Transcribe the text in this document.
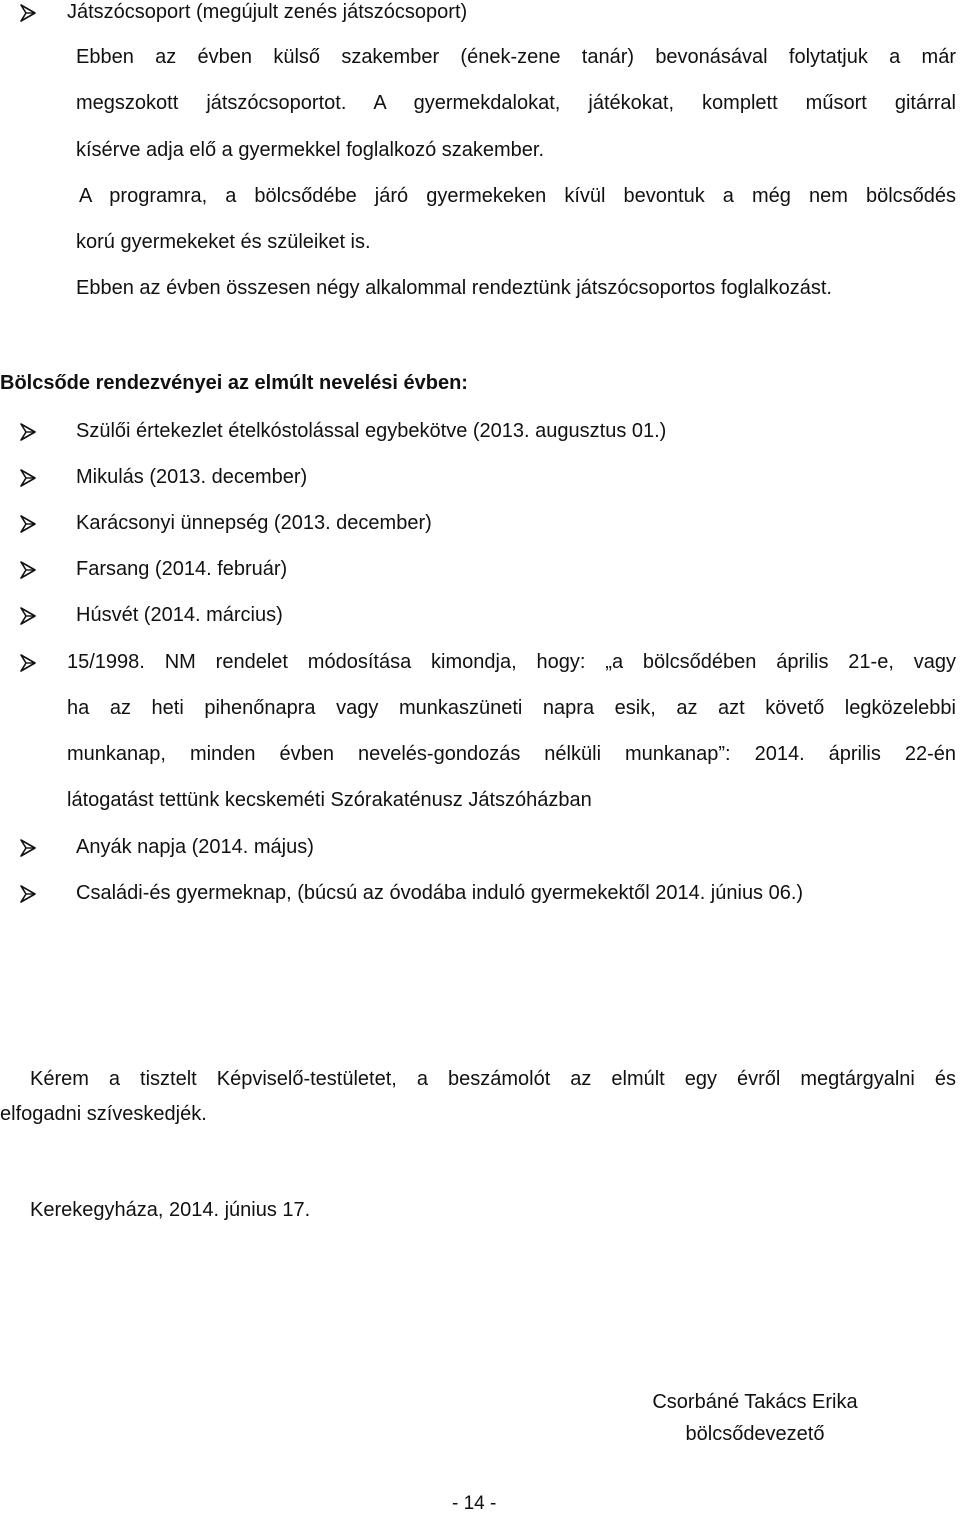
Játszócsoport (megújult zenés játszócsoport)
Ebben az évben külső szakember (ének-zene tanár) bevonásával folytatjuk a már
megszokott játszócsoportot. A gyermekdalokat, játékokat, komplett műsort gitárral
kísérve adja elő a gyermekkel foglalkozó szakember.
A programra, a bölcsődébe járó gyermekeken kívül bevontuk a még nem bölcsődés
korú gyermekeket és szüleiket is.
Ebben az évben összesen négy alkalommal rendeztünk játszócsoportos foglalkozást.
Bölcsőde rendezvényei az elmúlt nevelési évben:
Szülői értekezlet ételkóstolással egybekötve (2013. augusztus 01.)
Mikulás (2013. december)
Karácsonyi ünnepség (2013. december)
Farsang (2014. február)
Húsvét (2014. március)
15/1998. NM rendelet módosítása kimondja, hogy: „a bölcsődében április 21-e, vagy
ha az heti pihenőnapra vagy munkaszüneti napra esik, az azt követő legközelebbi
munkanap, minden évben nevelés-gondozás nélküli munkanap”: 2014. április 22-én
látogatást tettünk kecskeméti Szórakaténusz Játszóházban
Anyák napja (2014. május)
Családi-és gyermeknap, (búcsú az óvodába induló gyermekektől 2014. június 06.)
Kérem a tisztelt Képviselő-testületet, a beszámolót az elmúlt egy évről megtárgyalni és
elfogadni szíveskedjék.
Kerekegyháza, 2014. június 17.
Csorbáné Takács Erika
bölcsődevezető
- 14 -
